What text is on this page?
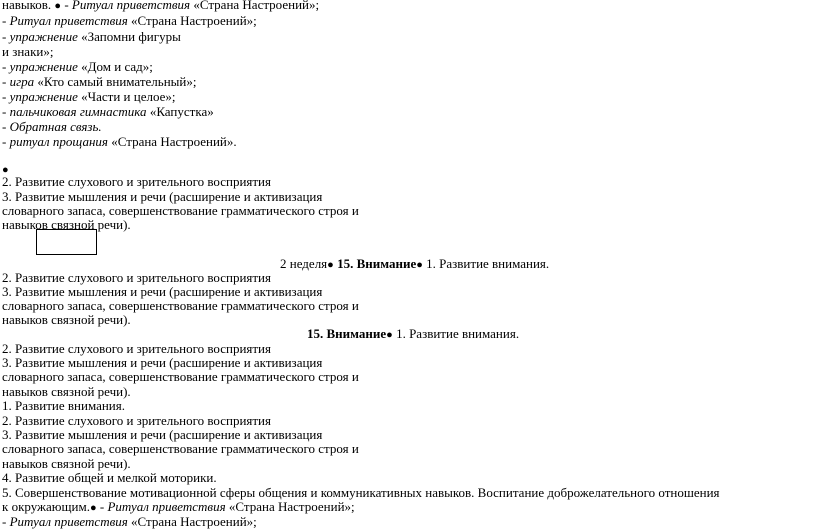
навыков. ● - Ритуал приветствия «Страна Настроений»;
- Ритуал приветствия «Страна Настроений»;
- упражнение «Запомни фигуры
и знаки»;
- упражнение «Дом и сад»;
- игра «Кто самый внимательный»;
- упражнение «Части и целое»;
- пальчиковая гимнастика «Капустка»
- Обратная связь.
- ритуал прощания «Страна Настроений».
●
2. Развитие слухового и зрительного восприятия
3. Развитие мышления и речи (расширение и активизация
словарного запаса, совершенствование грамматического строя и
навыков связной речи).
2 неделя● 15. Внимание● 1. Развитие внимания.
2. Развитие слухового и зрительного восприятия
3. Развитие мышления и речи (расширение и активизация
словарного запаса, совершенствование грамматического строя и
навыков связной речи).
15. Внимание● 1. Развитие внимания.
2. Развитие слухового и зрительного восприятия
3. Развитие мышления и речи (расширение и активизация
словарного запаса, совершенствование грамматического строя и
навыков связной речи).
1. Развитие внимания.
2. Развитие слухового и зрительного восприятия
3. Развитие мышления и речи (расширение и активизация
словарного запаса, совершенствование грамматического строя и
навыков связной речи).
4. Развитие общей и мелкой моторики.
5. Совершенствование мотивационной сферы общения и коммуникативных навыков. Воспитание доброжелательного отношения
к окружающим.● - Ритуал приветствия «Страна Настроений»;
- Ритуал приветствия «Страна Настроений»;
